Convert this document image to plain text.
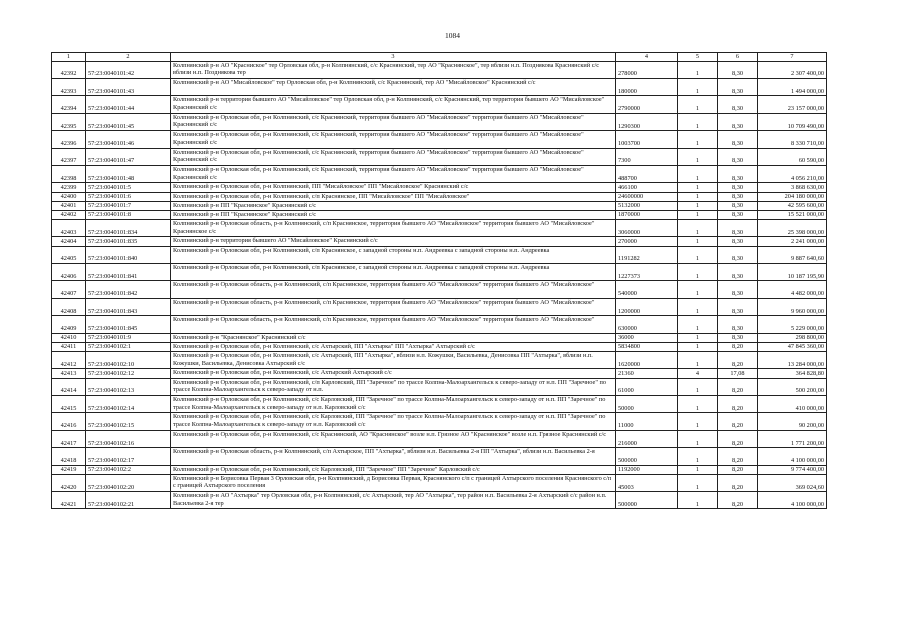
1084
1	2	3	4	5	6	7
42392	57:23:0040101:42	Колпнянский р-н АО "Красниское" тер Орловская обл, р-н Колпнянский, с/с Краснянский, тер АО "Краснянское", тер вблизи н.п. Позднякова Краснянский с/с вблизи н.п. Позднякова тер	278000	1	8,30	2 307 400,00
42393	57:23:0040101:43	Колпнянский р-н АО "Мисайловское" тер Орловская обл, р-н Колпнянский, с/с Краснянский, тер АО "Мисайловское" Краснянский с/с	180000	1	8,30	1 494 000,00
42394	57:23:0040101:44	Колпнянский р-н территория бывшего АО "Мисайловское" тер Орловская обл, р-н Колпнянский, с/с Краснянский, тер территория бывшего АО "Мисайловское" Краснянский с/с	2790000	1	8,30	23 157 000,00
42395	57:23:0040101:45	Колпнянский р-н Орловская обл, р-н Колпнянский, с/с Краснянский, территория бывшего АО "Мисайловское" территория бывшего АО "Мисайловское" Краснянский с/с	1290300	1	8,30	10 709 490,00
42396	57:23:0040101:46	Колпнянский р-н Орловская обл, р-н Колпнянский, с/с Краснянский, территория бывшего АО "Мисайловское" территория бывшего АО "Мисайловское" Краснянский с/с	1003700	1	8,30	8 330 710,00
42397	57:23:0040101:47	Колпнянский р-н Орловская обл, р-н Колпнянский, с/с Краснянский, территория бывшего АО "Мисайловское" территория бывшего АО "Мисайловское" Краснянский с/с	7300	1	8,30	60 590,00
42398	57:23:0040101:48	Колпнянский р-н Орловская обл, р-н Колпнянский, с/с Краснянский, территория бывшего АО "Мисайловское" территория бывшего АО "Мисайловское" Краснянский с/с	488700	1	8,30	4 056 210,00
42399	57:23:0040101:5	Колпнянский р-н Орловская обл, р-н Колпнянский, ПП "Мисайловское" ПП "Мисайловское" Краснянский с/с	466100	1	8,30	3 868 630,00
42400	57:23:0040101:6	Колпнянский р-н Орловская обл, р-н Колпнянский, с/п Краснянское, ПП "Мисайловское" ПП "Мисайловское"	24600000	1	8,30	204 180 000,00
42401	57:23:0040101:7	Колпнянский р-н ПП "Краснянское" Краснянский с/с	5132000	1	8,30	42 595 600,00
42402	57:23:0040101:8	Колпнянский р-н ПП "Краснянское" Краснянский с/с	1870000	1	8,30	15 521 000,00
42403	57:23:0040101:834	Колпнянский р-н Орловская область, р-н Колпнянский, с/п Краснянское, территория бывшего АО "Мисайловское" территория бывшего АО "Мисайловское" Краснянское с/с	3060000	1	8,30	25 398 000,00
42404	57:23:0040101:835	Колпнянский р-н территория бывшего АО "Мисайловское" Краснянский с/с	270000	1	8,30	2 241 000,00
42405	57:23:0040101:840	Колпнянский р-н Орловская обл, р-н Колпнянский, с/п Краснянское, с западной стороны н.п. Андреевка с западной стороны н.п. Андреевка	1191282	1	8,30	9 887 640,60
42406	57:23:0040101:841	Колпнянский р-н Орловская обл, р-н Колпнянский, с/п Краснянское, с западной стороны н.п. Андреевка с западной стороны н.п. Андреевка	1227373	1	8,30	10 187 195,90
42407	57:23:0040101:842	Колпнянский р-н Орловская область, р-н Колпнянский, с/п Краснянское, территория бывшего АО "Мисайловское" территория бывшего АО "Мисайловское"	540000	1	8,30	4 482 000,00
42408	57:23:0040101:843	Колпнянский р-н Орловская область, р-н Колпнянский, с/п Краснянское, территория бывшего АО "Мисайловское" территория бывшего АО "Мисайловское"	1200000	1	8,30	9 960 000,00
42409	57:23:0040101:845	Колпнянский р-н Орловская область, р-н Колпнянский, с/п Краснянское, территория бывшего АО "Мисайловское" территория бывшего АО "Мисайловское"	630000	1	8,30	5 229 000,00
42410	57:23:0040101:9	Колпнянский р-н "Краснянское" Краснянский с/с	36000	1	8,30	298 800,00
42411	57:23:0040102:1	Колпнянский р-н Орловская обл, р-н Колпнянский, с/с Ахтырский, ПП "Ахтырка" ПП "Ахтырка" Ахтырский с/с	5834800	1	8,20	47 845 360,00
42412	57:23:0040102:10	Колпнянский р-н Орловская обл, р-н Колпнянский, с/с Ахтырский, ПП "Ахтырка", вблизи н.п. Кожушки, Васильевка, Денисовка ПП "Ахтырка", вблизи н.п. Кожушки, Васильевка, Денисовка Ахтырский с/с	1620000	1	8,20	13 284 000,00
42413	57:23:0040102:12	Колпнянский р-н Орловская обл, р-н Колпнянский, с/с Ахтырский Ахтырский с/с	21360	4	17,08	364 828,80
42414	57:23:0040102:13	Колпнянский р-н Орловская обл, р-н Колпнянский, с/п Карловский, ПП "Заречное" по трассе Колпна-Малоархангельск к северо-западу от н.п. ПП "Заречное" по трассе Колпна-Малоархангельск к северо-западу от н.п.	61000	1	8,20	500 200,00
42415	57:23:0040102:14	Колпнянский р-н Орловская обл, р-н Колпнянский, с/с Карловский, ПП "Заречное" по трассе Колпна-Малоархангельск к северо-западу от н.п. ПП "Заречное" по трассе Колпна-Малоархангельск к северо-западу от н.п. Карловский с/с	50000	1	8,20	410 000,00
42416	57:23:0040102:15	Колпнянский р-н Орловская обл, р-н Колпнянский, с/с Карловский, ПП "Заречное" по трассе Колпна-Малоархангельск к северо-западу от н.п. ПП "Заречное" по трассе Колпна-Малоархангельск к северо-западу от н.п. Карловский с/с	11000	1	8,20	90 200,00
42417	57:23:0040102:16	Колпнянский р-н Орловская обл, р-н Колпнянский, с/с Краснянский, АО "Краснянское" возле н.п. Грязное АО "Краснянское" возле н.п. Грязное Краснянский с/с	216000	1	8,20	1 771 200,00
42418	57:23:0040102:17	Колпнянский р-н Орловская область, р-н Колпнянский, с/п Ахтырское, ПП "Ахтырка", вблизи н.п. Васильевка 2-я ПП "Ахтырка", вблизи н.п. Васильевка 2-я	500000	1	8,20	4 100 000,00
42419	57:23:0040102:2	Колпнянский р-н Орловская обл, р-н Колпнянский, с/с Карловский, ПП "Заречное" ПП "Заречное" Карловский с/с	1192000	1	8,20	9 774 400,00
42420	57:23:0040102:20	Колпнянский р-н Борисовка Первая 3 Орловская обл, р-н Колпнянский, д Борисовка Первая, Краснянского с/п с границей Ахтырского поселения Краснянского с/п с границей Ахтырского поселения	45003	1	8,20	369 024,60
42421	57:23:0040102:21	Колпнянский р-н АО "Ахтырка" тер Орловская обл, р-н Колпнянский, с/с Ахтырский, тер АО "Ахтырка", тер район н.п. Васильевка 2-я Ахтырский с/с район н.п. Васильевка 2-я тер	500000	1	8,20	4 100 000,00
